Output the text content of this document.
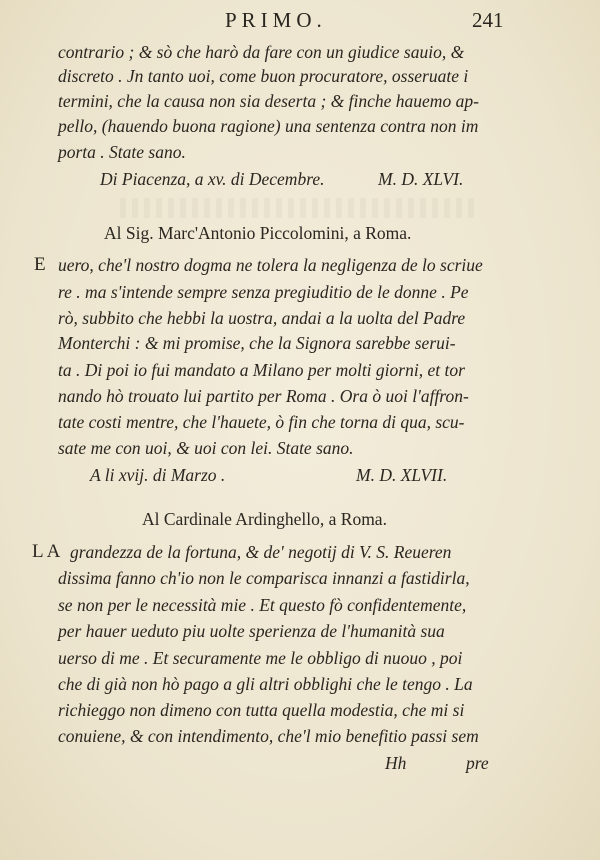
PRIMO.	241
contrario ; & sò che harò da fare con un giudice sauio, &
discreto . Jn tanto uoi, come buon procuratore, osseruate i
termini, che la causa non sia deserta ; & finche hauemo ap-
pello, (hauendo buona ragione) una sentenza contra non im
porta . State sano.
Di Piacenza, a xv. di Decembre.	M. D. XLVI.
Al Sig. Marc'Antonio Piccolomini, a Roma.
E uero, che'l nostro dogma ne tolera la negligenza de lo scriue
re . ma s'intende sempre senza pregiuditio de le donne . Pe
rò, subbito che hebbi la uostra, andai a la uolta del Padre
Monterchi : & mi promise, che la Signora sarebbe serui-
ta . Di poi io fui mandato a Milano per molti giorni, et tor
nando hò trouato lui partito per Roma . Ora ò uoi l'affron-
tate costi mentre, che l'hauete, ò fin che torna di qua, scu-
sate me con uoi, & uoi con lei. State sano.
A li xvij. di Marzo .	M. D. XLVII.
Al Cardinale Ardinghello, a Roma.
L A grandezza de la fortuna, & de' negotij di V. S. Reueren
dissima fanno ch'io non le comparisca innanzi a fastidirla,
se non per le necessità mie . Et questo fò confidentemente,
per hauer ueduto piu uolte sperienza de l'humanità sua
uerso di me . Et securamente me le obbligo di nuouo , poi
che di già non hò pago a gli altri obblighi che le tengo . La
richieggo non dimeno con tutta quella modestia, che mi si
conuiene, & con intendimento, che'l mio benefitio passi sem
Hh	pre
